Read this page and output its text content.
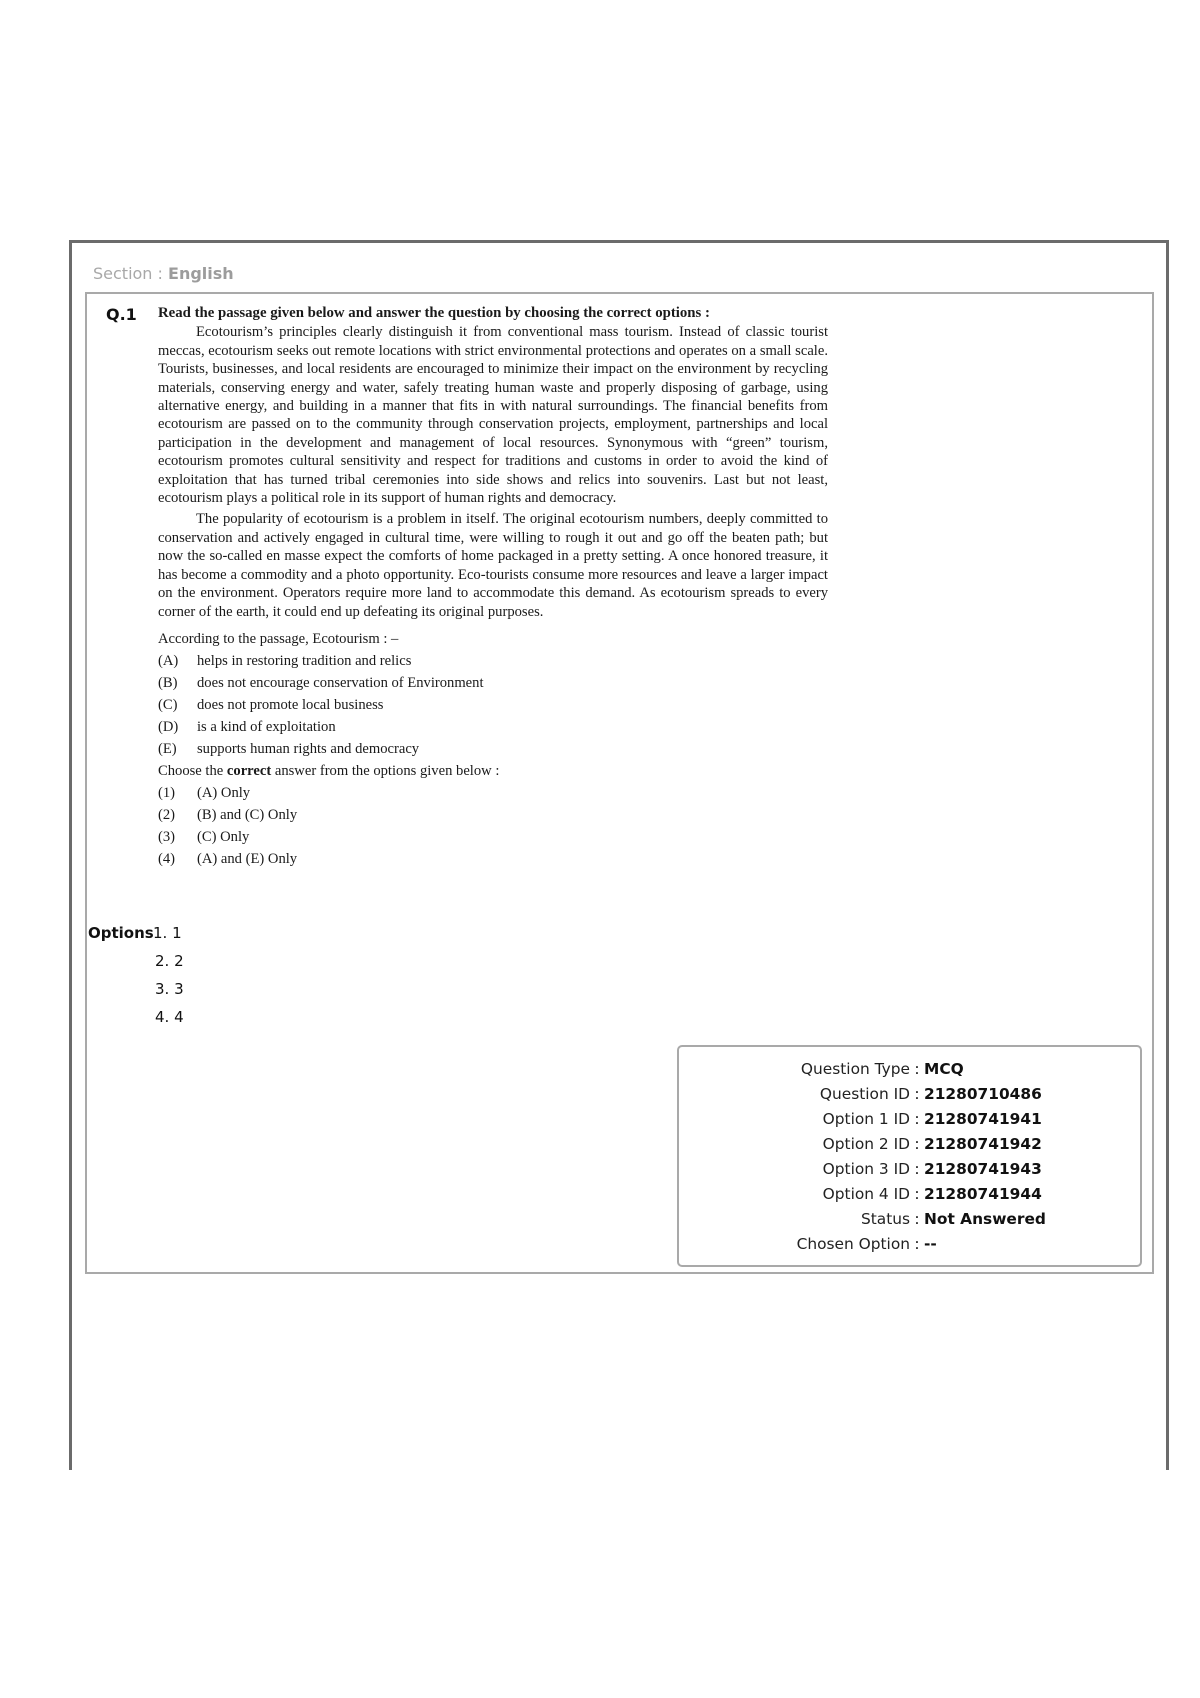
Section : English
Q.1 Read the passage given below and answer the question by choosing the correct options :

Ecotourism’s principles clearly distinguish it from conventional mass tourism. Instead of classic tourist meccas, ecotourism seeks out remote locations with strict environmental protections and operates on a small scale. Tourists, businesses, and local residents are encouraged to minimize their impact on the environment by recycling materials, conserving energy and water, safely treating human waste and properly disposing of garbage, using alternative energy, and building in a manner that fits in with natural surroundings. The financial benefits from ecotourism are passed on to the community through conservation projects, employment, partnerships and local participation in the development and management of local resources. Synonymous with “green” tourism, ecotourism promotes cultural sensitivity and respect for traditions and customs in order to avoid the kind of exploitation that has turned tribal ceremonies into side shows and relics into souvenirs. Last but not least, ecotourism plays a political role in its support of human rights and democracy.

The popularity of ecotourism is a problem in itself. The original ecotourism numbers, deeply committed to conservation and actively engaged in cultural time, were willing to rough it out and go off the beaten path; but now the so-called en masse expect the comforts of home packaged in a pretty setting. A once honored treasure, it has become a commodity and a photo opportunity. Eco-tourists consume more resources and leave a larger impact on the environment. Operators require more land to accommodate this demand. As ecotourism spreads to every corner of the earth, it could end up defeating its original purposes.

According to the passage, Ecotourism : –
(A)	helps in restoring tradition and relics
(B)	does not encourage conservation of Environment
(C)	does not promote local business
(D)	is a kind of exploitation
(E)	supports human rights and democracy
Choose the correct answer from the options given below :
(1)	(A) Only
(2)	(B) and (C) Only
(3)	(C) Only
(4)	(A) and (E) Only
Options 1. 1
2. 2
3. 3
4. 4
Question Type : MCQ
Question ID : 21280710486
Option 1 ID : 21280741941
Option 2 ID : 21280741942
Option 3 ID : 21280741943
Option 4 ID : 21280741944
Status : Not Answered
Chosen Option : --
